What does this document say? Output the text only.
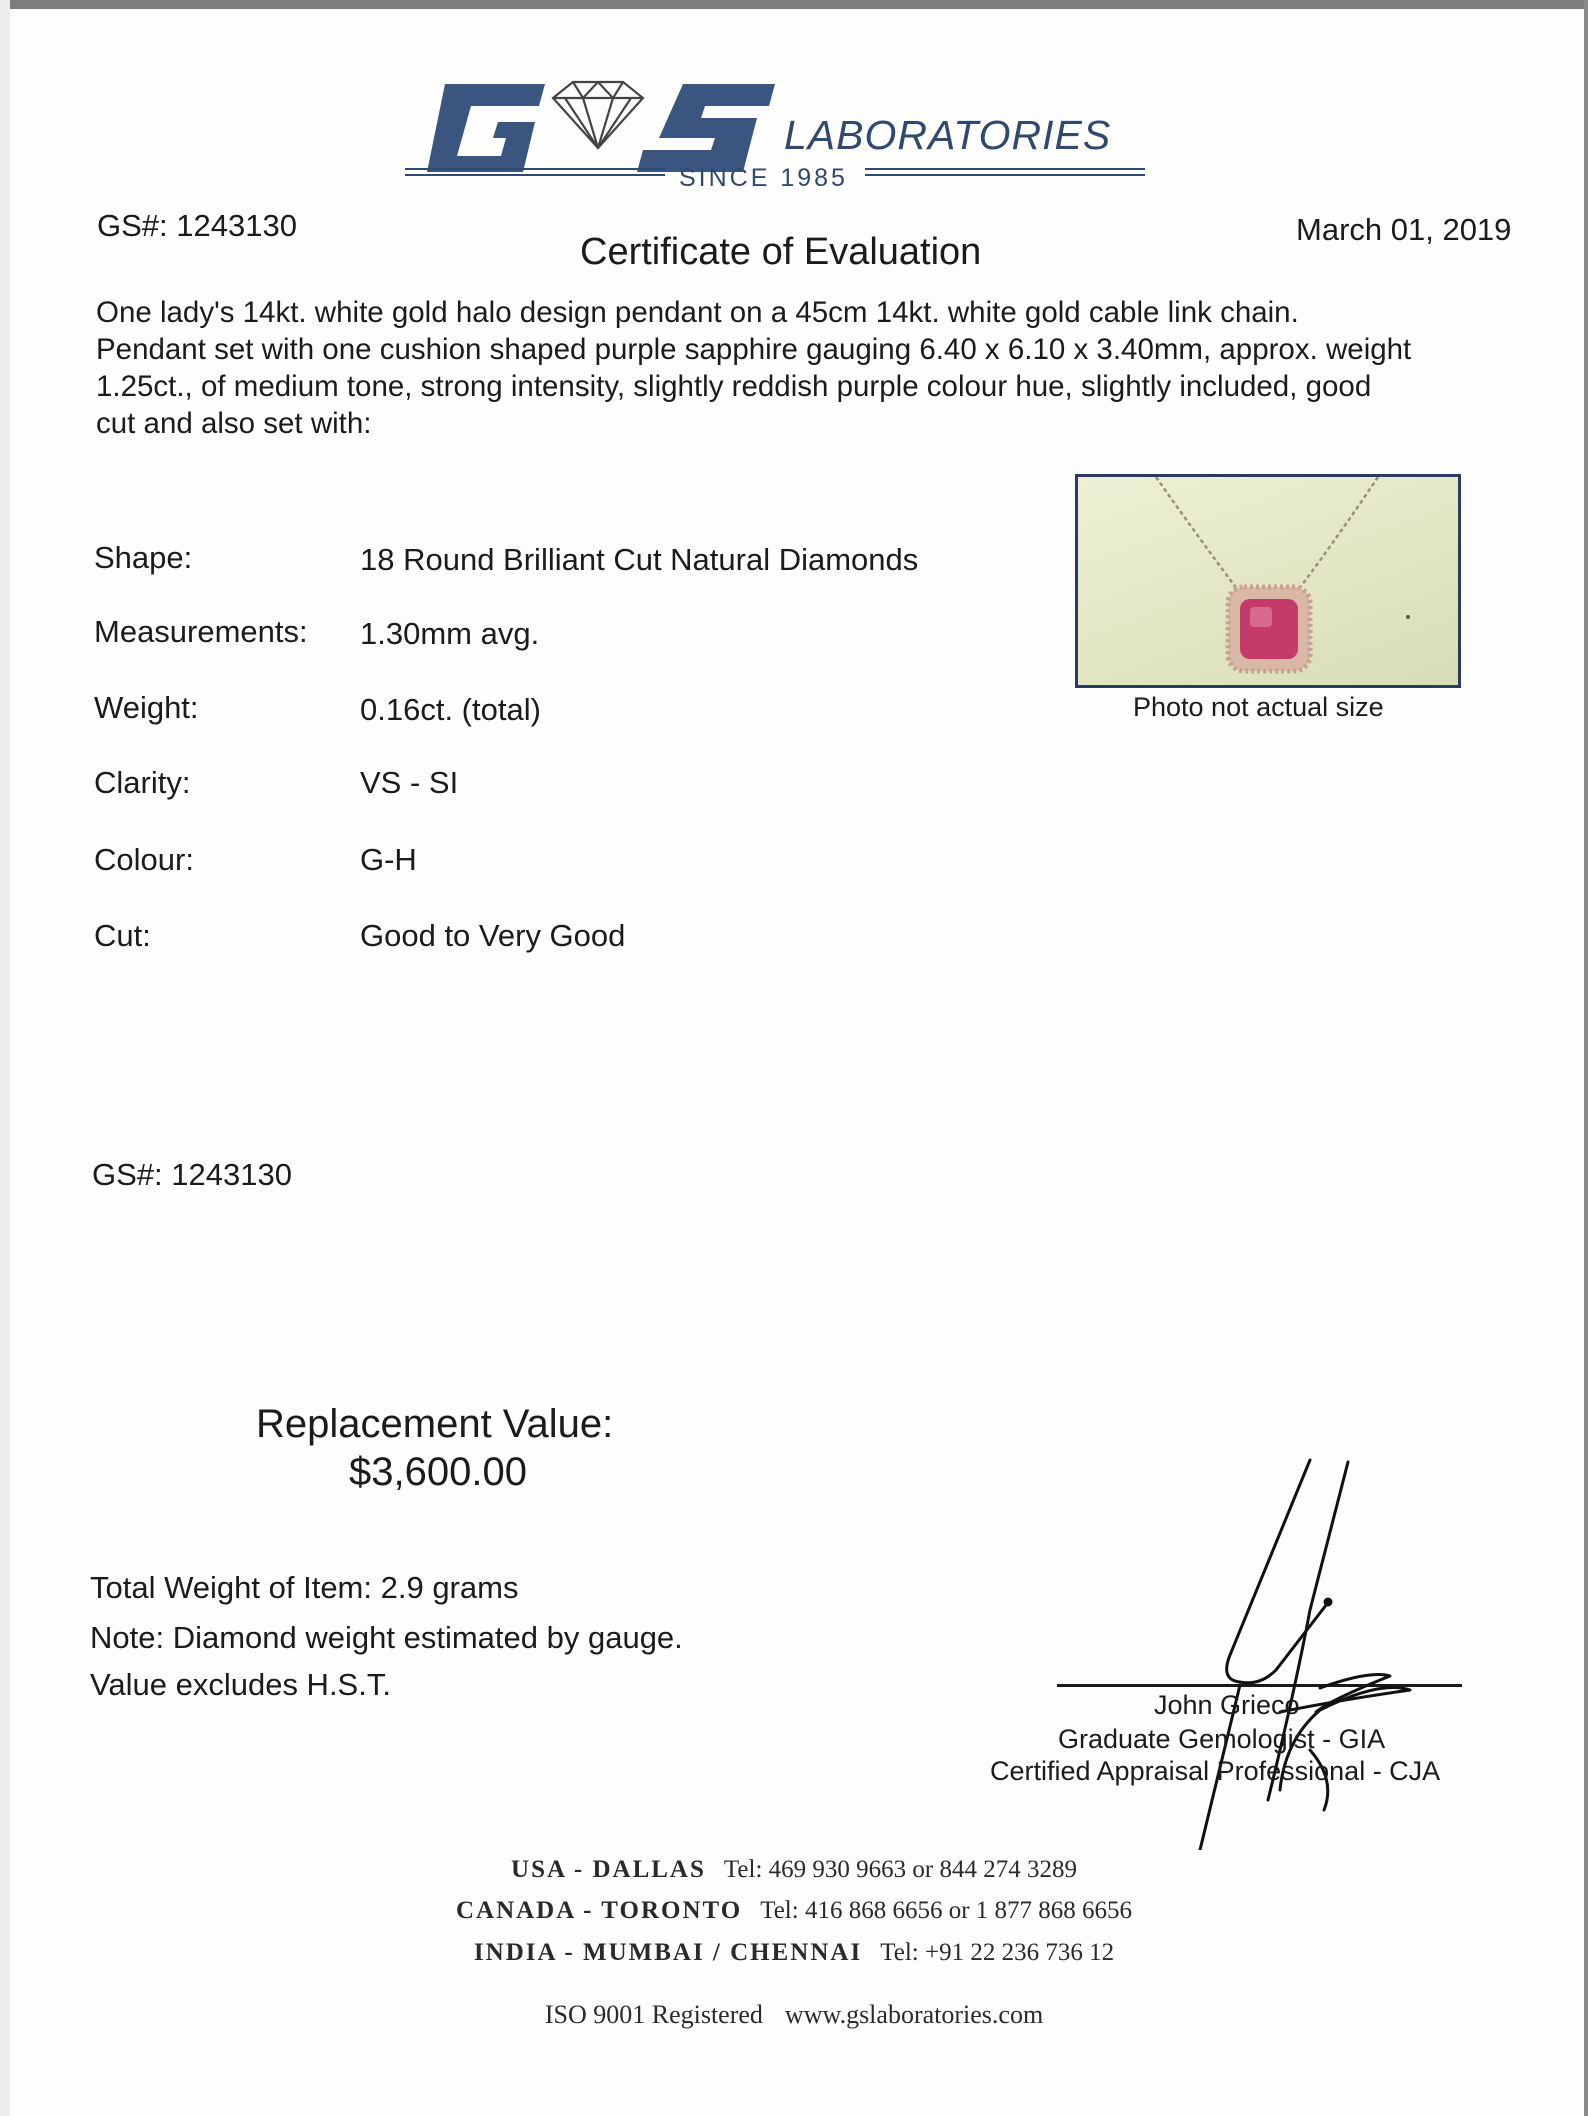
LABORATORIES
SINCE 1985
GS#: 1243130	March 01, 2019
Certificate of Evaluation
One lady's 14kt. white gold halo design pendant on a 45cm 14kt. white gold cable link chain.
Pendant set with one cushion shaped purple sapphire gauging 6.40 x 6.10 x 3.40mm, approx. weight
1.25ct., of medium tone, strong intensity, slightly reddish purple colour hue, slightly included, good
cut and also set with:
Shape:	18 Round Brilliant Cut Natural Diamonds
Measurements: 1.30mm avg.
Weight:	0.16ct. (total)
Clarity:	VS - SI
Colour:	G-H
Cut:	Good to Very Good
Photo not actual size
GS#: 1243130
Replacement Value:
$3,600.00
Total Weight of Item: 2.9 grams
Note: Diamond weight estimated by gauge.
Value excludes H.S.T.
John Grieco
Graduate Gemologist - GIA
Certified Appraisal Professional - CJA
USA - DALLAS Tel: 469 930 9663 or 844 274 3289
CANADA - TORONTO Tel: 416 868 6656 or 1 877 868 6656
INDIA - MUMBAI / CHENNAI Tel: +91 22 236 736 12
ISO 9001 Registered www.gslaboratories.com
